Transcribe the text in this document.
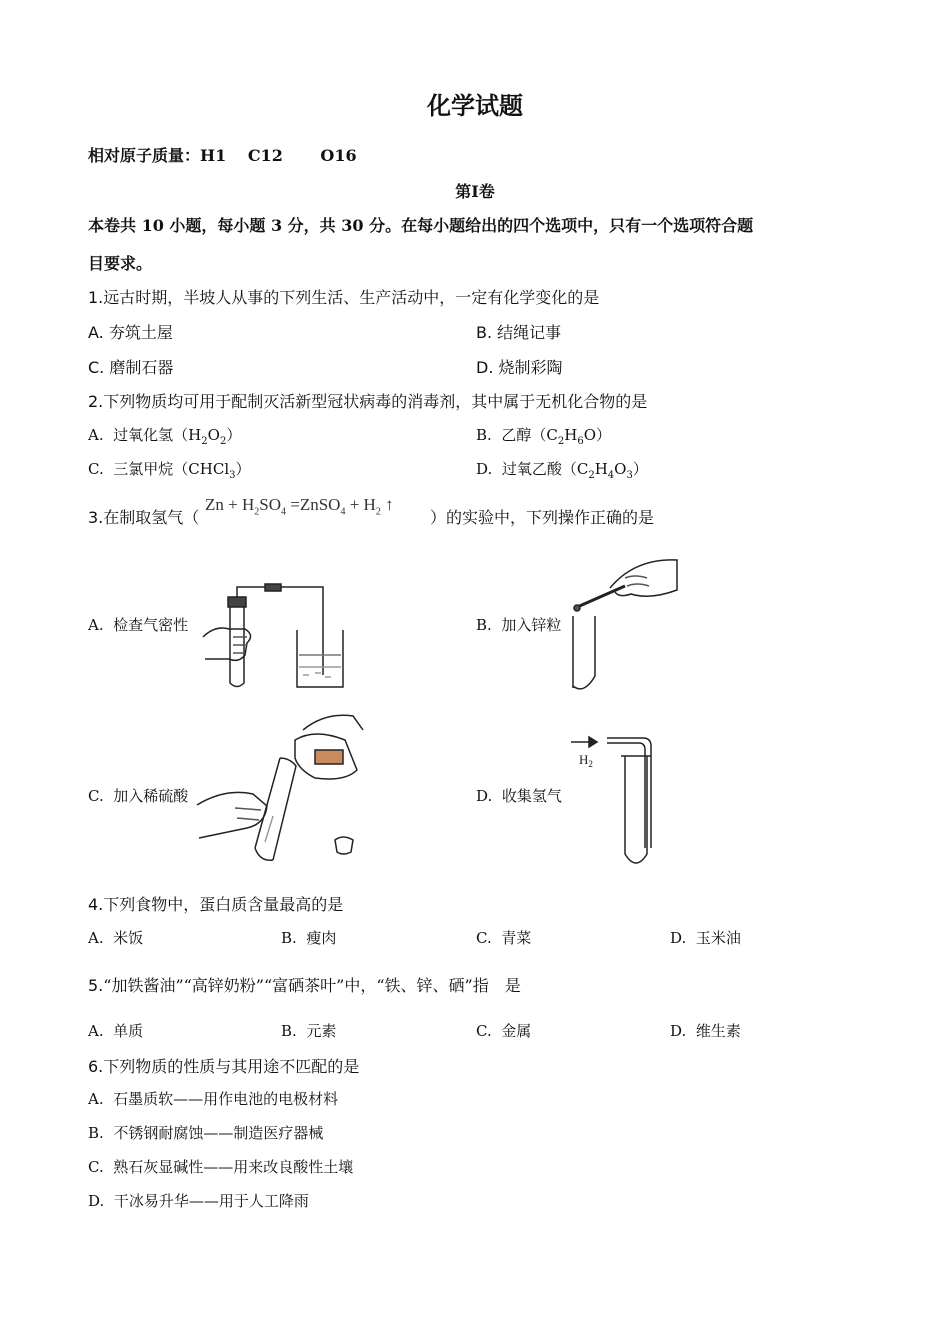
化学试题
相对原子质量：H1　 C12　　 O16
第Ⅰ卷
本卷共 10 小题，每小题 3 分，共 30 分。在每小题给出的四个选项中，只有一个选项符合题
目要求。
1.远古时期，半坡人从事的下列生活、生产活动中，一定有化学变化的是
A. 夯筑土屋	B. 结绳记事
C. 磨制石器	D. 烧制彩陶
2.下列物质均可用于配制灭活新型冠状病毒的消毒剂，其中属于无机化合物的是
A. 过氧化氢$(H_2O_2)$	B. 乙醇$(C_2H_6O)$
C. 三氯甲烷（CHCl$_3$）	D. 过氧乙酸$(C_2H_4O_3)$
3.在制取氢气（
$Zn + H_2SO_4$ =ZnSO$_4$ + $H_2$ ↑
）的实验中，下列操作正确的是
A. 检查气密性	B. 加入锌粒
C. 加入稀硫酸	D. 收集氢气
$H_2$
4.下列食物中，蛋白质含量最高的是
A. 米饭	B. 瘦肉	C. 青菜	D. 玉米油
5.“加铁酱油”“高锌奶粉”“富硒茶叶”中，“铁、锌、硒”指　是
A. 单质	B. 元素	C. 金属	D. 维生素
6.下列物质的性质与其用途不匹配的是
A. 石墨质软——用作电池的电极材料
B. 不锈钢耐腐蚀——制造医疗器械
C. 熟石灰显碱性——用来改良酸性土壤
D. 干冰易升华——用于人工降雨
